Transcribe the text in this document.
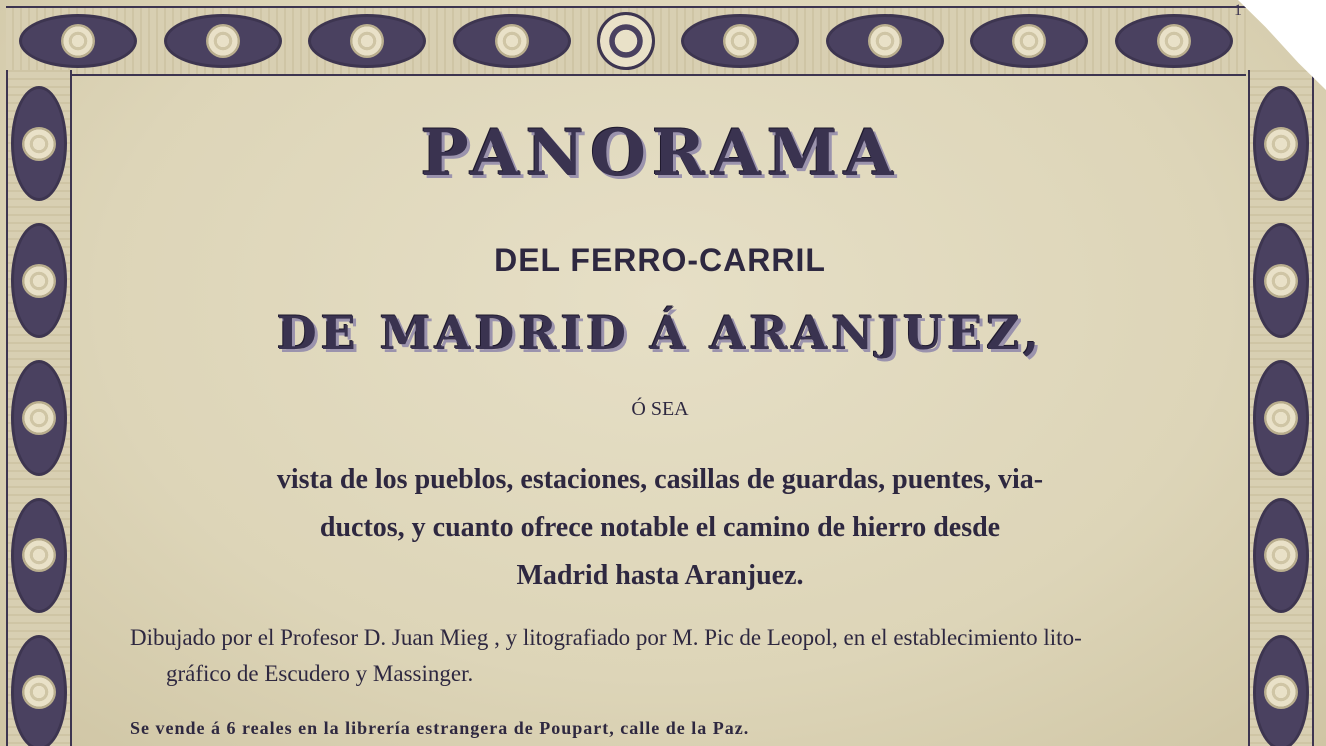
1
PANORAMA
DEL FERRO-CARRIL
DE MADRID Á ARANJUEZ,
Ó SEA
vista de los pueblos, estaciones, casillas de guardas, puentes, via-
ductos, y cuanto ofrece notable el camino de hierro desde
Madrid hasta Aranjuez.
Dibujado por el Profesor D. Juan Mieg , y litografiado por M. Pic de Leopol, en el establecimiento lito-
gráfico de Escudero y Massinger.
Se vende á 6 reales en la librería estrangera de Poupart, calle de la Paz.
